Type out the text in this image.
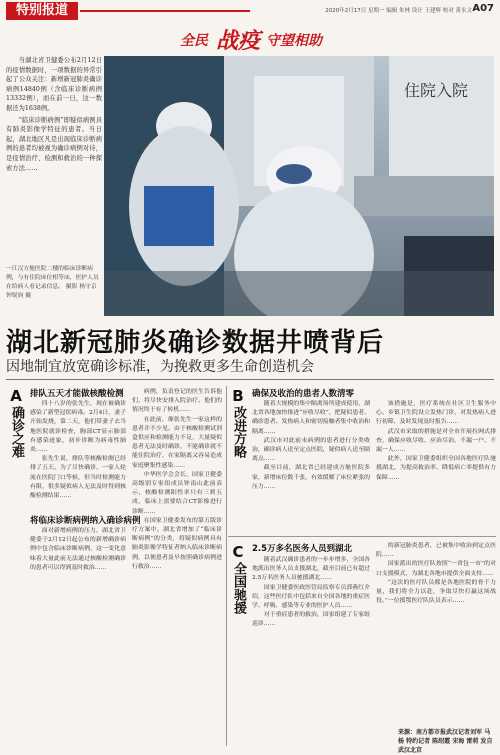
特别报道	2020年2月17日 星期一 编辑 朱林 设计 王建辉 校对 黄永文 A07
全民 战疫 守望相助

当湖北省卫健委公布2月12日的疫情数据时，一项数据的异常引起了公众关注：新增新冠肺炎确诊病例14840例（含临床诊断病例13332例），而在前一日，这一数据还为1638例。

“临床诊断病例”即疑似病例具有肺炎影像学特征的患者。当日起，湖北地区凡是出现临床诊断病例的患者均被视为确诊病例对待，是疫情治疗、检测和救治的一种探索方法……

一江汉方舱医院二楼的临床诊断病例，与有住院床位相等床，医护人员在给病人看记录信息。 摄影 杨守京 钟锐钧 摄
住院入院
湖北新冠肺炎确诊数据井喷背后
因地制宜放宽确诊标准，为挽救更多生命创造机会
A
确诊之难
排队五天才能做核酸检测

四十八岁的张先生，现在被确诊感染了新型冠状病毒。2月4日，妻子开始发烧，第二天，他们带妻子去当地医院就诊检查，胸部CT显示肺部有感染迹象，初步诊断为病毒性肺炎……

张先生说，排队等核酸检测已经排了五天。为了尽快确诊，一家人轮流在医院门口等候，但当时检测能力有限，很多疑似病人无法及时得到核酸检测结果……

将临床诊断病例纳入确诊病例

面对新增病例的压力，湖北省卫健委于2月12日起公布的新增确诊病例中包含临床诊断病例，这一变化意味着大量此前无法通过核酸检测确诊的患者可以得到及时救治……

病例，负责登记的医生告诉他们，将尽快安排入院治疗。他们的情况终于有了转机……

在此前，像张先生一家这样的患者并不少见。由于核酸检测试剂盒供应和检测能力不足，大量疑似患者无法及时确诊，不能确诊就不能住院治疗，在家隔离又容易造成家庭聚集性感染……

中华医学会会长、国家卫健委高级别专家组成员钟南山此前表示，核酸检测阳性率只有三到五成，临床上需要结合CT影像进行诊断……

在国家卫健委发布的第五版诊疗方案中，湖北省增加了“临床诊断病例”的分类，将疑似病例具有肺炎影像学特征者纳入临床诊断病例，以便患者及早按照确诊病例进行救治……

B
改进方略
确保及收治的患者人数清零

随着大规模的集中隔离场所建成使用，湖北省各地加快推进“应收尽收”，把疑似患者、确诊患者、发热病人和密切接触者集中收治和隔离……

武汉市对此前未病例的患者进行分类收治，确诊病人送至定点医院，疑似病人送至隔离点……

截至目前，湖北省已经建成方舱医院多家，新增床位数千张，有效缓解了床位紧张的压力……

该措施是，医疗系统在社区卫生服务中心、乡镇卫生院设立发热门诊，对发热病人进行初筛，及时发现及时报告……

武汉市采取的措施是对全市开展拉网式排查，确保应收尽收、应治尽治，不漏一户、不漏一人……

此外，国家卫健委组织全国各地医疗队驰援湖北，为提高救治率、降低病亡率提供有力保障……

C
全国驰援
2.5万多名医务人员到湖北

随着武汉确诊患者的一步步增多，全国各地派出医务人员支援湖北，截至目前已有超过2.5万名医务人员驰援湖北……

国家卫健委医政医管局监察专员郭燕红介绍，这些医疗队中包括来自全国各地的重症医学、呼吸、感染等专业的医护人员……

对于重症患者的救治，国家组建了专家组巡诊……

的新冠肺炎患者，已被集中收治到定点医院……

国家派出的医疗队按照“一省包一市”的对口支援模式，为湖北各地市提供全面支持……

“这次的医疗队员都是各地医院的骨干力量，我们将全力以赴，争取尽快打赢这场战役。”一位援鄂医疗队队员表示……

来源：南方都市报武汉记者刘军 马杨 特约记者 陈绍霞 宋海 雷莉 发自武汉北京
